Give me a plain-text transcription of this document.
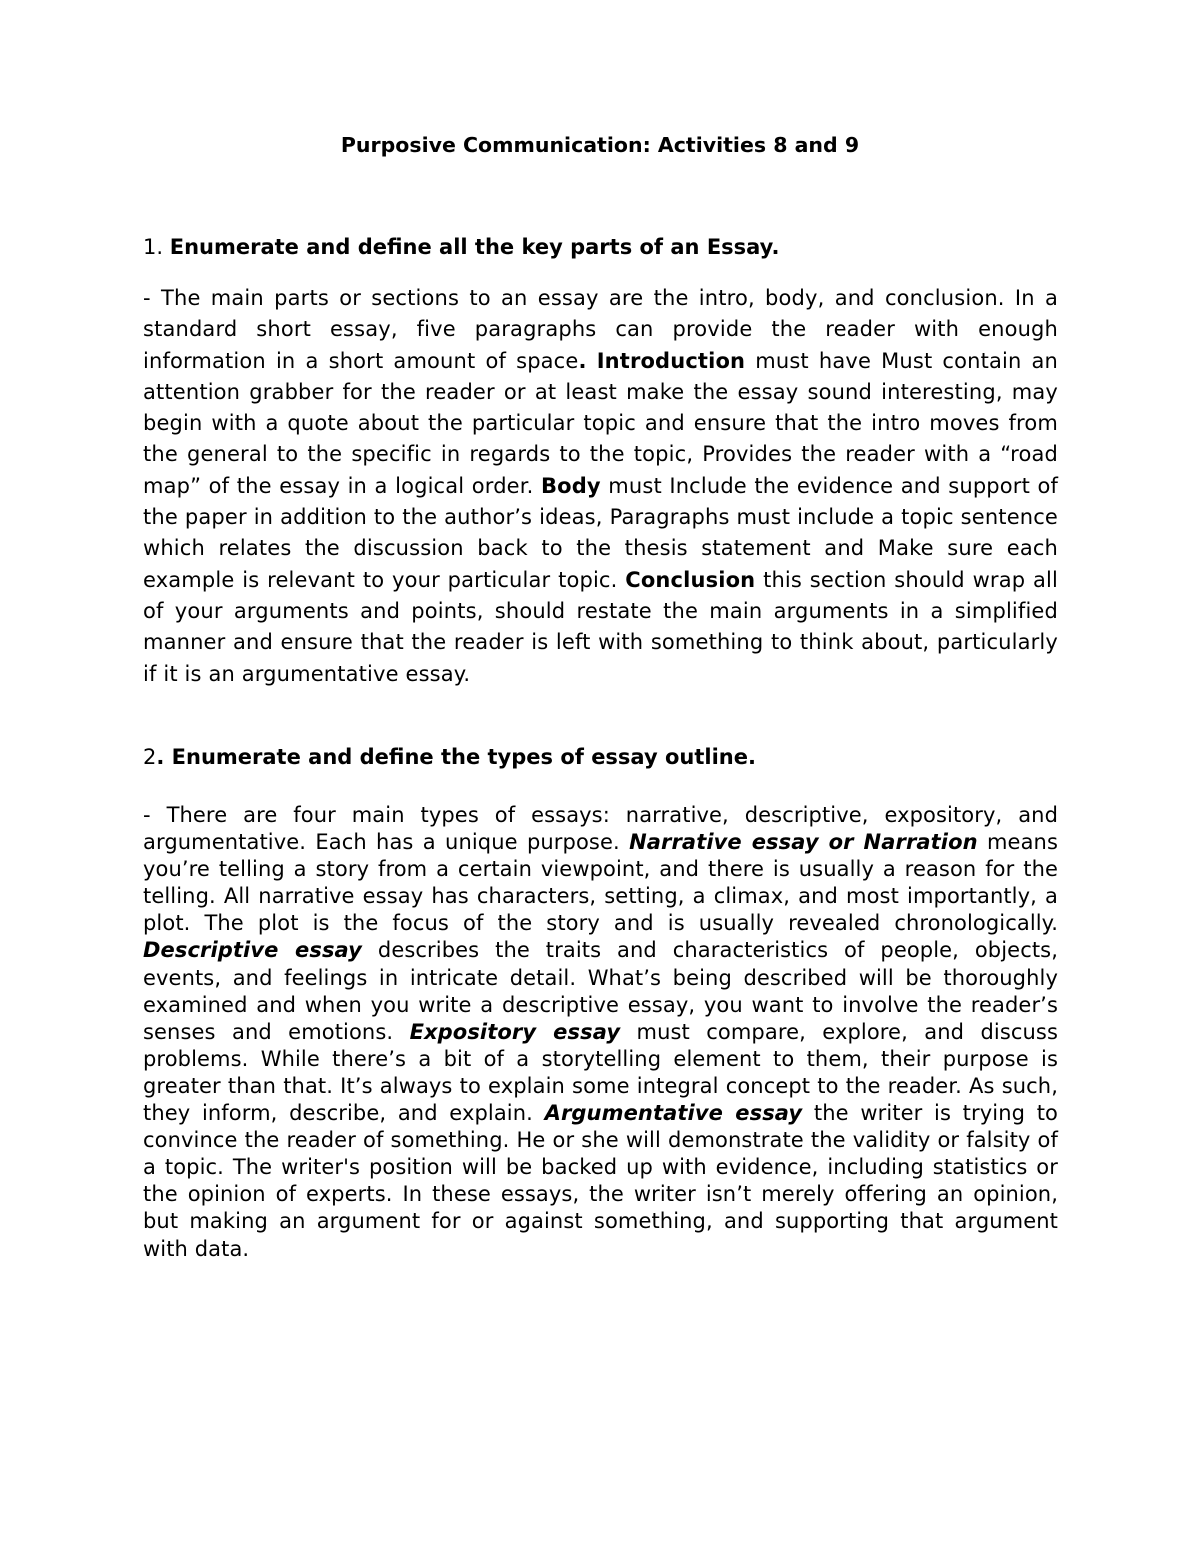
Purposive Communication: Activities 8 and 9

1. Enumerate and define all the key parts of an Essay.

- The main parts or sections to an essay are the intro, body, and conclusion. In a standard short essay, five paragraphs can provide the reader with enough information in a short amount of space. Introduction must have Must contain an attention grabber for the reader or at least make the essay sound interesting, may begin with a quote about the particular topic and ensure that the intro moves from the general to the specific in regards to the topic, Provides the reader with a “road map” of the essay in a logical order. Body must Include the evidence and support of the paper in addition to the author’s ideas, Paragraphs must include a topic sentence which relates the discussion back to the thesis statement and Make sure each example is relevant to your particular topic. Conclusion this section should wrap all of your arguments and points, should restate the main arguments in a simplified manner and ensure that the reader is left with something to think about, particularly if it is an argumentative essay.

2. Enumerate and define the types of essay outline.

- There are four main types of essays: narrative, descriptive, expository, and argumentative. Each has a unique purpose. Narrative essay or Narration means you’re telling a story from a certain viewpoint, and there is usually a reason for the telling. All narrative essay has characters, setting, a climax, and most importantly, a plot. The plot is the focus of the story and is usually revealed chronologically. Descriptive essay describes the traits and characteristics of people, objects, events, and feelings in intricate detail. What’s being described will be thoroughly examined and when you write a descriptive essay, you want to involve the reader’s senses and emotions. Expository essay must compare, explore, and discuss problems. While there’s a bit of a storytelling element to them, their purpose is greater than that. It’s always to explain some integral concept to the reader. As such, they inform, describe, and explain. Argumentative essay the writer is trying to convince the reader of something. He or she will demonstrate the validity or falsity of a topic. The writer's position will be backed up with evidence, including statistics or the opinion of experts. In these essays, the writer isn’t merely offering an opinion, but making an argument for or against something, and supporting that argument with data.
